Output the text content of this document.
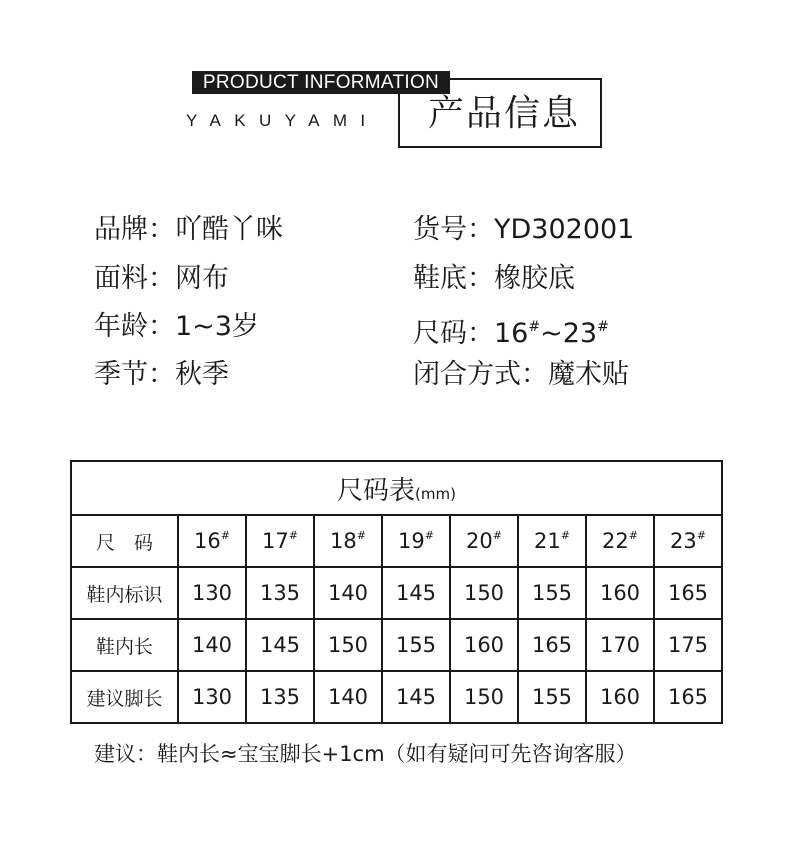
PRODUCT INFORMATION
YAKUYAMI	产品信息
品牌：吖酷丫咪	货号：YD302001
面料：网布	鞋底：橡胶底
年龄：1~3岁	尺码：16#~23#
季节：秋季	闭合方式：魔术贴
尺码表(mm)								
尺　码	16#	17#	18#	19#	20#	21#	22#	23#
鞋内标识	130	135	140	145	150	155	160	165
鞋内长	140	145	150	155	160	165	170	175
建议脚长	130	135	140	145	150	155	160	165
建议：鞋内长≈宝宝脚长+1cm（如有疑问可先咨询客服）
